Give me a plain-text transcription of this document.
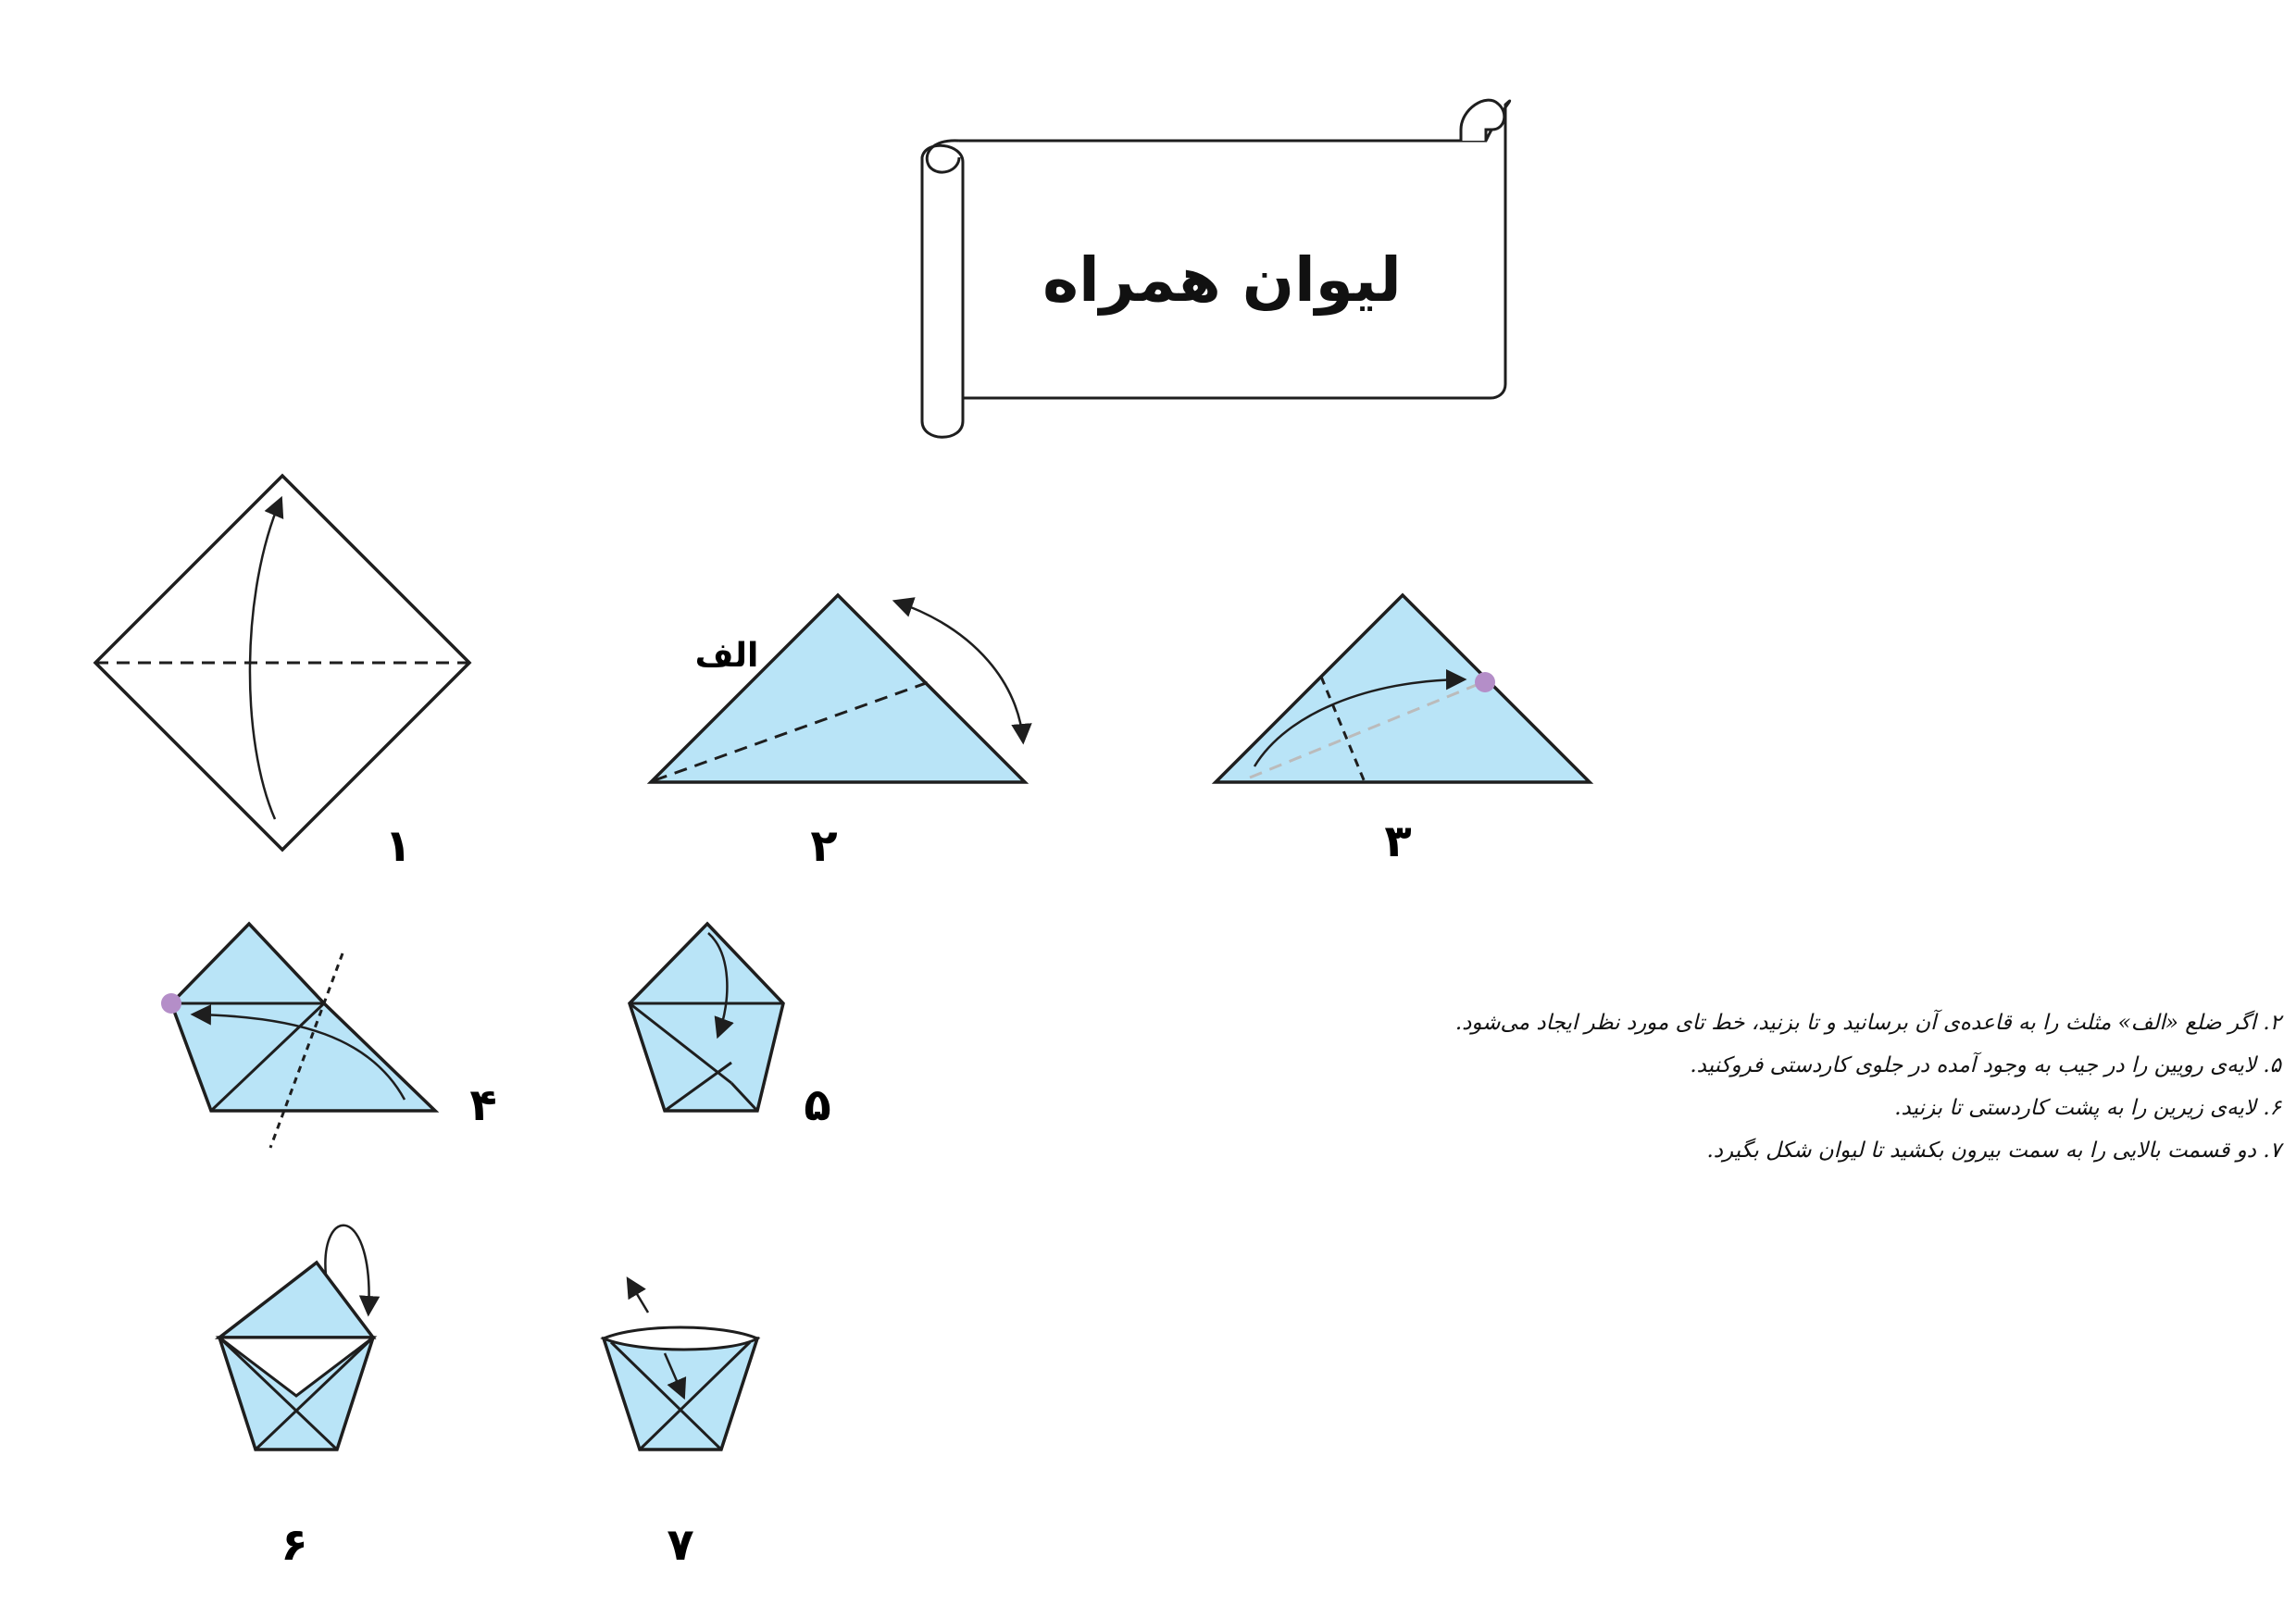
لیوان همراه
۱
الف
۲	۳
۴	۵
۶	۷

۲. اگر ضلع «الف» مثلث را به قاعده‌ی آن برسانید و تا بزنید، خط تای مورد نظر ایجاد می‌شود.

۵. لایه‌ی رویین را در جیب به وجود آمده در جلوی کاردستی فروکنید.

۶. لایه‌ی زیرین را به پشت کاردستی تا بزنید.

۷. دو قسمت بالایی را به سمت بیرون بکشید تا لیوان شکل بگیرد.
